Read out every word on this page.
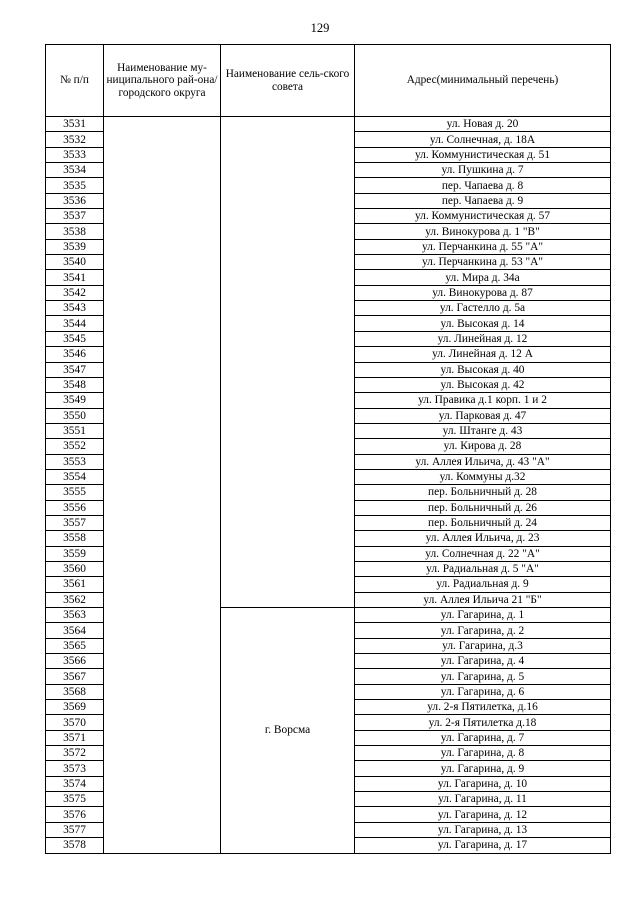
129
№ п/п	Наименование му-ниципального рай-она/ городского округа	Наименование сель-ского совета	Адрес(минимальный перечень)
3531			ул. Новая д. 20
3532			ул. Солнечная, д. 18А
3533			ул. Коммунистическая д. 51
3534			ул. Пушкина д. 7
3535			пер. Чапаева д. 8
3536			пер. Чапаева д. 9
3537			ул. Коммунистическая д. 57
3538			ул. Винокурова д. 1 "В"
3539			ул. Перчанкина д. 55 "А"
3540			ул. Перчанкина д. 53 "А"
3541			ул. Мира д. 34а
3542			ул. Винокурова д. 87
3543			ул. Гастелло д. 5а
3544			ул. Высокая д. 14
3545			ул. Линейная д. 12
3546			ул. Линейная д. 12 А
3547			ул. Высокая д. 40
3548			ул. Высокая д. 42
3549			ул. Правика д.1 корп. 1 и 2
3550			ул. Парковая д. 47
3551			ул. Штанге д. 43
3552			ул. Кирова д. 28
3553			ул. Аллея Ильича, д. 43 "А"
3554			ул. Коммуны д.32
3555			пер. Больничный д. 28
3556			пер. Больничный д. 26
3557			пер. Больничный д. 24
3558			ул. Аллея Ильича, д. 23
3559			ул. Солнечная д. 22 "А"
3560			ул. Радиальная д. 5 "А"
3561			ул. Радиальная д. 9
3562			ул. Аллея Ильича 21 "Б"
3563		г. Ворсма	ул. Гагарина, д. 1
3564			ул. Гагарина, д. 2
3565			ул. Гагарина, д.3
3566			ул. Гагарина, д. 4
3567			ул. Гагарина, д. 5
3568			ул. Гагарина, д. 6
3569			ул. 2-я Пятилетка, д.16
3570			ул. 2-я Пятилетка д.18
3571			ул. Гагарина, д. 7
3572			ул. Гагарина, д. 8
3573			ул. Гагарина, д. 9
3574			ул. Гагарина, д. 10
3575			ул. Гагарина, д. 11
3576			ул. Гагарина, д. 12
3577			ул. Гагарина, д. 13
3578			ул. Гагарина, д. 17
